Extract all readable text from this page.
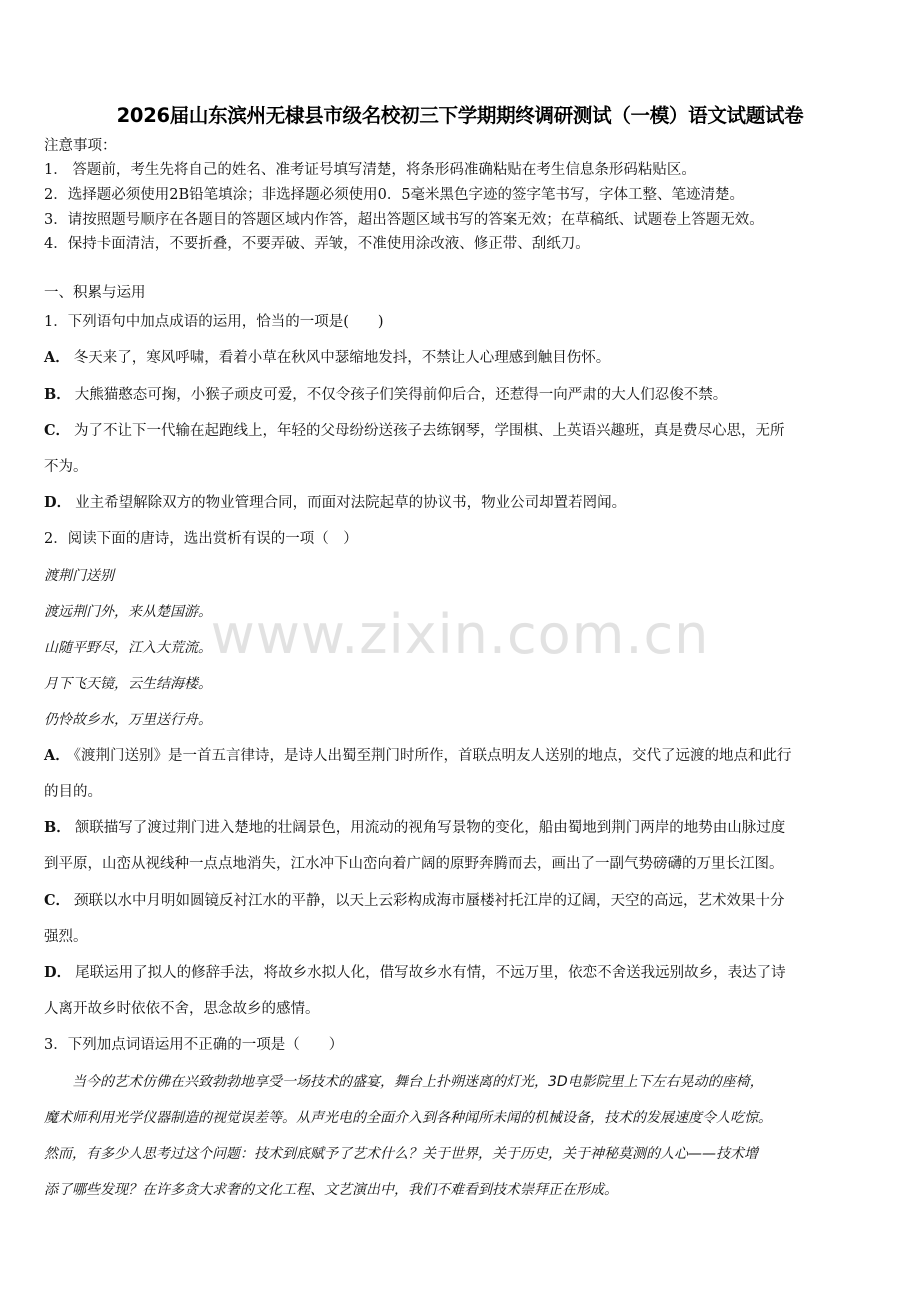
2026届山东滨州无棣县市级名校初三下学期期终调研测试（一模）语文试题试卷
注意事项：
1． 答题前，考生先将自己的姓名、准考证号填写清楚，将条形码准确粘贴在考生信息条形码粘贴区。
2．选择题必须使用2B铅笔填涂；非选择题必须使用0．5毫米黑色字迹的签字笔书写，字体工整、笔迹清楚。
3．请按照题号顺序在各题目的答题区域内作答，超出答题区域书写的答案无效；在草稿纸、试题卷上答题无效。
4．保持卡面清洁，不要折叠，不要弄破、弄皱，不准使用涂改液、修正带、刮纸刀。
一、积累与运用
1．下列语句中加点成语的运用，恰当的一项是(　　)
A． 冬天来了，寒风呼啸，看着小草在秋风中瑟缩地发抖，不禁让人心理感到触目伤怀。
B． 大熊猫憨态可掬，小猴子顽皮可爱，不仅令孩子们笑得前仰后合，还惹得一向严肃的大人们忍俊不禁。
C． 为了不让下一代输在起跑线上，年轻的父母纷纷送孩子去练钢琴，学围棋、上英语兴趣班，真是费尽心思，无所
不为。
D． 业主希望解除双方的物业管理合同，而面对法院起草的协议书，物业公司却置若罔闻。
2．阅读下面的唐诗，选出赏析有误的一项（　）
渡荆门送别
渡远荆门外，来从楚国游。
山随平野尽，江入大荒流。
月下飞天镜，云生结海楼。
仍怜故乡水，万里送行舟。
A． 《渡荆门送别》是一首五言律诗，是诗人出蜀至荆门时所作，首联点明友人送别的地点，交代了远渡的地点和此行
的目的。
B． 颔联描写了渡过荆门进入楚地的壮阔景色，用流动的视角写景物的变化，船由蜀地到荆门两岸的地势由山脉过度
到平原，山峦从视线种一点点地消失，江水冲下山峦向着广阔的原野奔腾而去，画出了一副气势磅礴的万里长江图。
C． 颈联以水中月明如圆镜反衬江水的平静，以天上云彩构成海市蜃楼衬托江岸的辽阔，天空的高远，艺术效果十分
强烈。
D． 尾联运用了拟人的修辞手法，将故乡水拟人化，借写故乡水有情，不远万里，依恋不舍送我远别故乡，表达了诗
人离开故乡时依依不舍，思念故乡的感情。
3．下列加点词语运用不正确的一项是（　　）
　　当今的艺术仿佛在兴致勃勃地享受一场技术的盛宴，舞台上扑朔迷离的灯光，3D电影院里上下左右晃动的座椅，
魔术师利用光学仪器制造的视觉误差等。从声光电的全面介入到各种闻所未闻的机械设备，技术的发展速度令人吃惊。
然而，有多少人思考过这个问题：技术到底赋予了艺术什么？关于世界，关于历史，关于神秘莫测的人心——技术增
添了哪些发现？在许多贪大求奢的文化工程、文艺演出中，我们不难看到技术崇拜正在形成。
www.zixin.com.cn
